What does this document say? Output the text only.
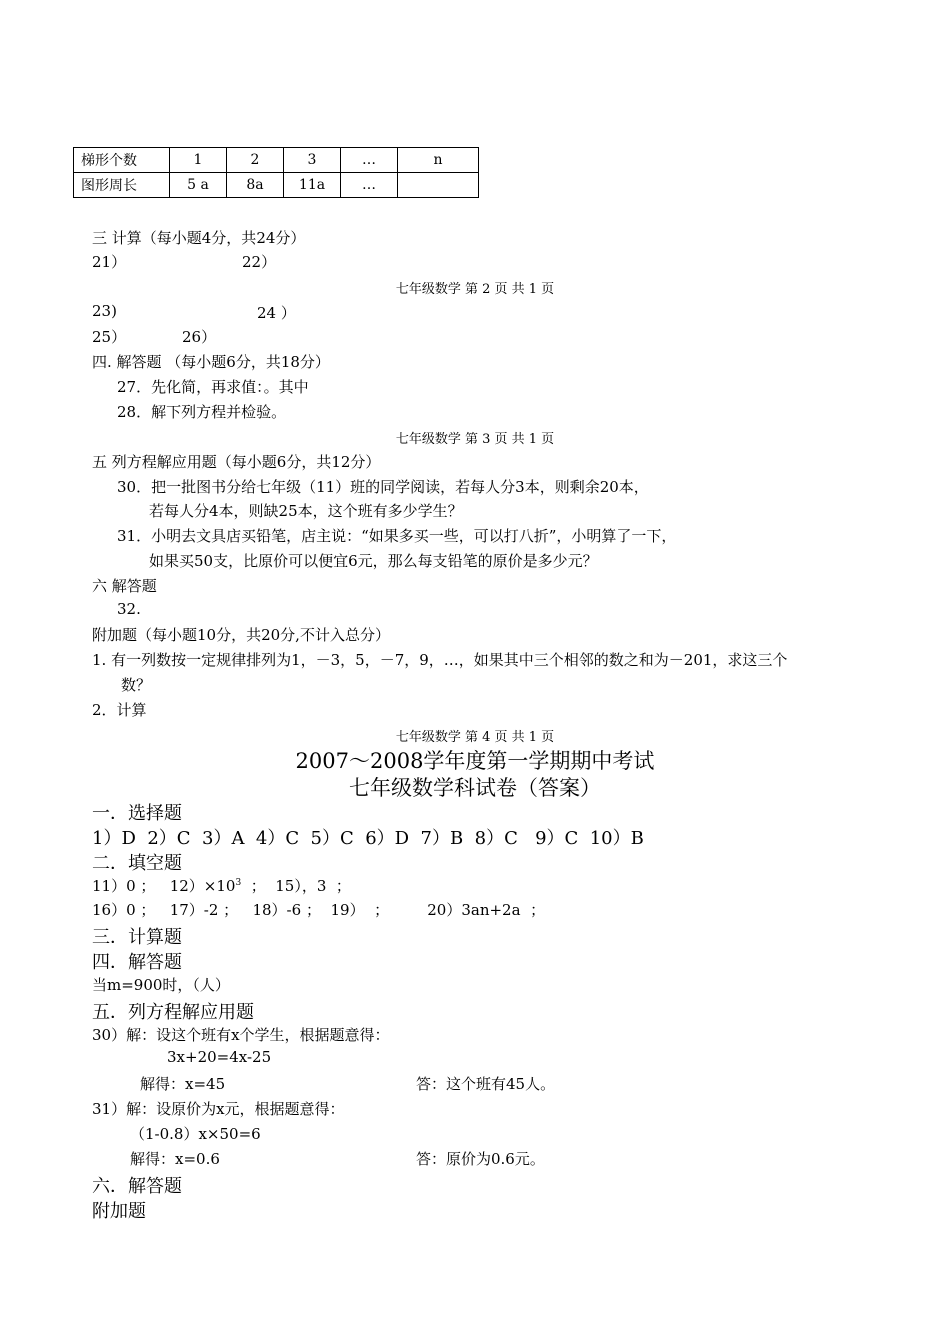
梯形个数	1	2	3	…	n
图形周长	5 a	8a	11a	…	
三 计算（每小题4分，共24分）
21）	22）
七年级数学 第 2 页 共 1 页
23)	24 ）
25）	26）
四. 解答题 （每小题6分，共18分）
27．先化简，再求值：。其中
28．解下列方程并检验。
七年级数学 第 3 页 共 1 页
五 列方程解应用题（每小题6分，共12分）
30．把一批图书分给七年级（11）班的同学阅读，若每人分3本，则剩余20本，
若每人分4本，则缺25本，这个班有多少学生？
31．小明去文具店买铅笔，店主说：“如果多买一些，可以打八折”，小明算了一下，
如果买50支，比原价可以便宜6元，那么每支铅笔的原价是多少元？
六 解答题
32.
附加题（每小题10分，共20分,不计入总分）
1. 有一列数按一定规律排列为1，－3，5，－7，9，…，如果其中三个相邻的数之和为－201，求这三个
数？
2．计算
七年级数学 第 4 页 共 1 页
2007～2008学年度第一学期期中考试
七年级数学科试卷（答案）
一．选择题
1）D  2）C  3）A  4）C  5）C  6）D  7）B  8）C   9）C  10）B
二．填空题
11）0 ；   $12)\times 10^3$  ；  15），3  ；
16）0 ；   17）-2 ；   18）-6 ；  19）  ；        20）3an+2a  ；
三．计算题
四．解答题
当m=900时，（人）
五．列方程解应用题
30）解：设这个班有x个学生，根据题意得：
3x+20=4x-25
解得：x=45	答：这个班有45人。
31）解：设原价为x元，根据题意得：
（1-0.8）x×50=6
解得：x=0.6	答：原价为0.6元。
六．解答题
附加题
